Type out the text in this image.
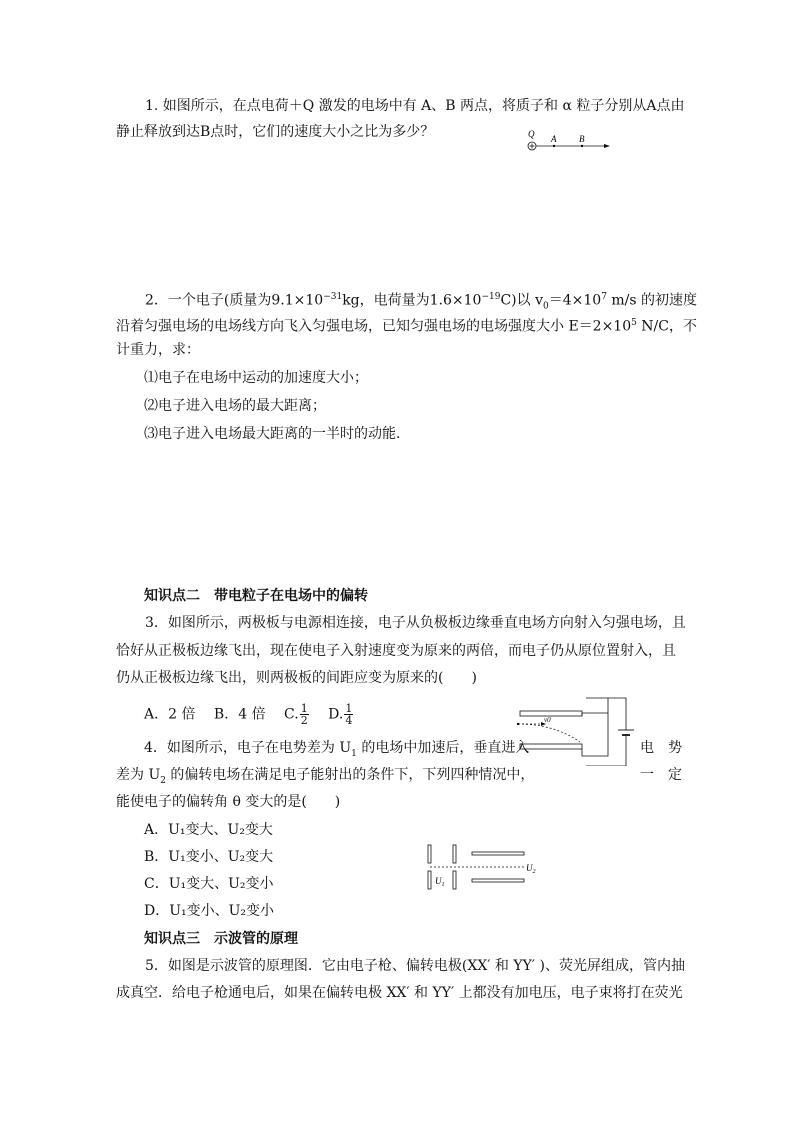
1. 如图所示，在点电荷＋Q 激发的电场中有 A、B 两点，将质子和 α 粒子分别从A点由
静止释放到达B点时，它们的速度大小之比为多少？	Q A	B
2．一个电子(质量为$9.1\times 10^{-31}kg$，电荷量为$1.6\times 10^{-19}C$)以 $v_0=4\times 10^7$ m/s 的初速度
沿着匀强电场的电场线方向飞入匀强电场，已知匀强电场的电场强度大小 $E=2\times 10^5$ N/C，不
计重力，求：
⑴电子在电场中运动的加速度大小；
⑵电子进入电场的最大距离；
⑶电子进入电场最大距离的一半时的动能.
知识点二　带电粒子在电场中的偏转
3．如图所示，两极板与电源相连接，电子从负极板边缘垂直电场方向射入匀强电场，且
恰好从正极板边缘飞出，现在使电子入射速度变为原来的两倍，而电子仍从原位置射入，且
仍从正极板边缘飞出，则两极板的间距应变为原来的(　　)
A．2 倍　 B．4 倍　 C. $\frac{1}{2}$
　 D. $\frac{1}{4}$	v0
4．如图所示，电子在电势差为 $U_1$ 的电场中加速后，垂直进入	电　势
差为 $U_2$ 的偏转电场在满足电子能射出的条件下，下列四种情况中，	一　定
能使电子的偏转角 θ 变大的是(　　)
A．U₁变大、U₂变大
B．U₁变小、U₂变大
C．U₁变大、U₂变小
D．U₁变小、U₂变小
$U_1$
$U_2$
知识点三　示波管的原理
5．如图是示波管的原理图．它由电子枪、偏转电极(XX′ 和 YY′ )、荧光屏组成，管内抽
成真空．给电子枪通电后，如果在偏转电极 XX′ 和 YY′ 上都没有加电压，电子束将打在荧光
